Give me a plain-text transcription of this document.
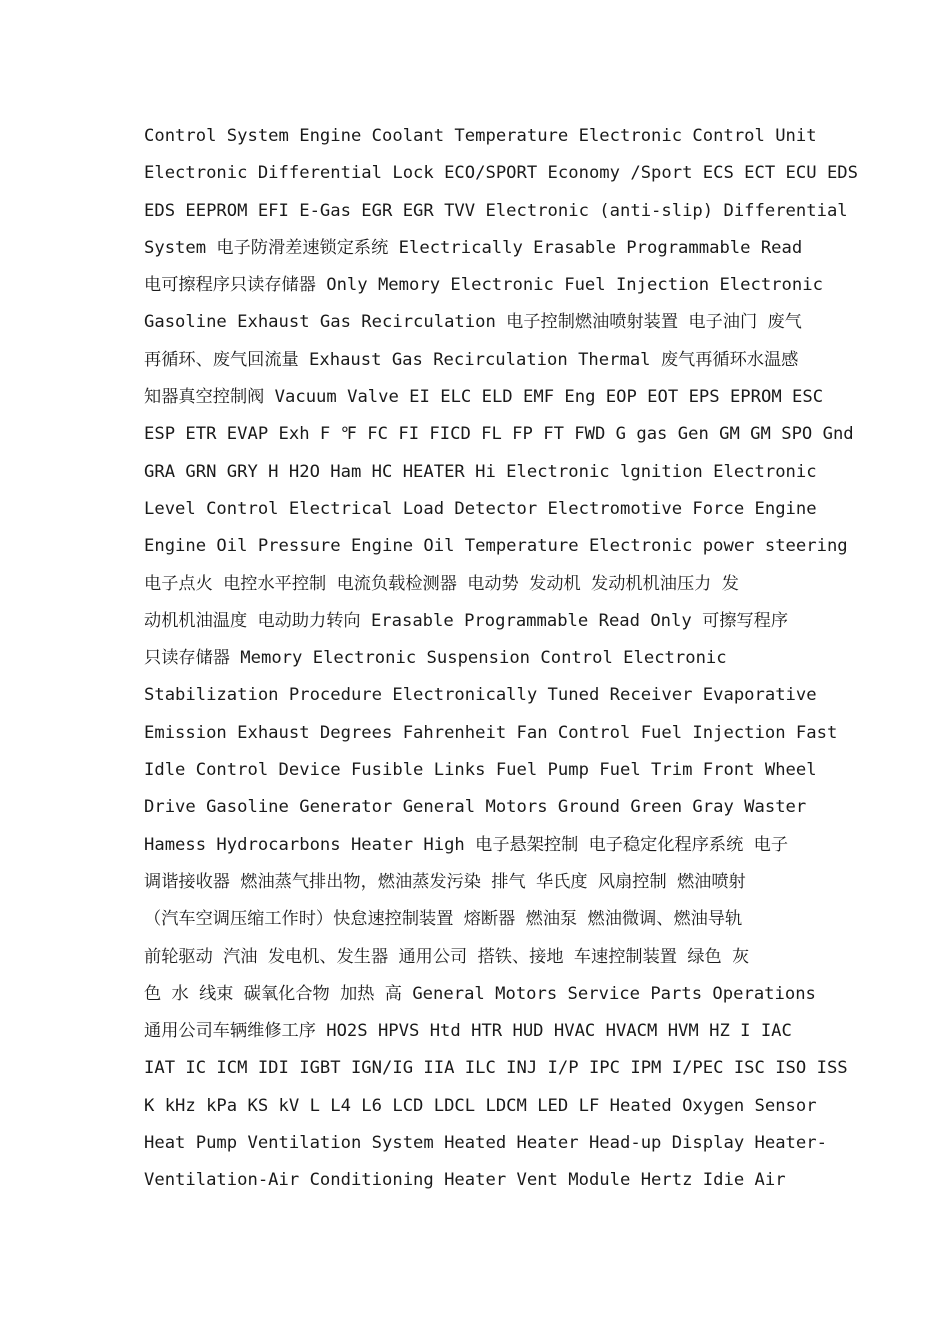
Control System Engine Coolant Temperature Electronic Control Unit
Electronic Differential Lock ECO/SPORT Economy /Sport ECS ECT ECU EDS
EDS EEPROM EFI E-Gas EGR EGR TVV Electronic (anti-slip) Differential
System 电子防滑差速锁定系统 Electrically Erasable Programmable Read
电可擦程序只读存储器 Only Memory Electronic Fuel Injection Electronic
Gasoline Exhaust Gas Recirculation 电子控制燃油喷射装置 电子油门 废气
再循环、废气回流量 Exhaust Gas Recirculation Thermal 废气再循环水温感
知器真空控制阀 Vacuum Valve EI ELC ELD EMF Eng EOP EOT EPS EPROM ESC
ESP ETR EVAP Exh F ℉ FC FI FICD FL FP FT FWD G gas Gen GM GM SPO Gnd
GRA GRN GRY H H2O Ham HC HEATER Hi Electronic lgnition Electronic
Level Control Electrical Load Detector Electromotive Force Engine
Engine Oil Pressure Engine Oil Temperature Electronic power steering
电子点火 电控水平控制 电流负载检测器 电动势 发动机 发动机机油压力 发
动机机油温度 电动助力转向 Erasable Programmable Read Only 可擦写程序
只读存储器 Memory Electronic Suspension Control Electronic
Stabilization Procedure Electronically Tuned Receiver Evaporative
Emission Exhaust Degrees Fahrenheit Fan Control Fuel Injection Fast
Idle Control Device Fusible Links Fuel Pump Fuel Trim Front Wheel
Drive Gasoline Generator General Motors Ground Green Gray Waster
Hamess Hydrocarbons Heater High 电子悬架控制 电子稳定化程序系统 电子
调谐接收器 燃油蒸气排出物，燃油蒸发污染 排气 华氏度 风扇控制 燃油喷射
（汽车空调压缩工作时）快怠速控制装置 熔断器 燃油泵 燃油微调、燃油导轨
前轮驱动 汽油 发电机、发生器 通用公司 搭铁、接地 车速控制装置 绿色 灰
色 水 线束 碳氧化合物 加热 高 General Motors Service Parts Operations
通用公司车辆维修工序 HO2S HPVS Htd HTR HUD HVAC HVACM HVM HZ I IAC
IAT IC ICM IDI IGBT IGN/IG IIA ILC INJ I/P IPC IPM I/PEC ISC ISO ISS
K kHz kPa KS kV L L4 L6 LCD LDCL LDCM LED LF Heated Oxygen Sensor
Heat Pump Ventilation System Heated Heater Head-up Display Heater-
Ventilation-Air Conditioning Heater Vent Module Hertz Idie Air
